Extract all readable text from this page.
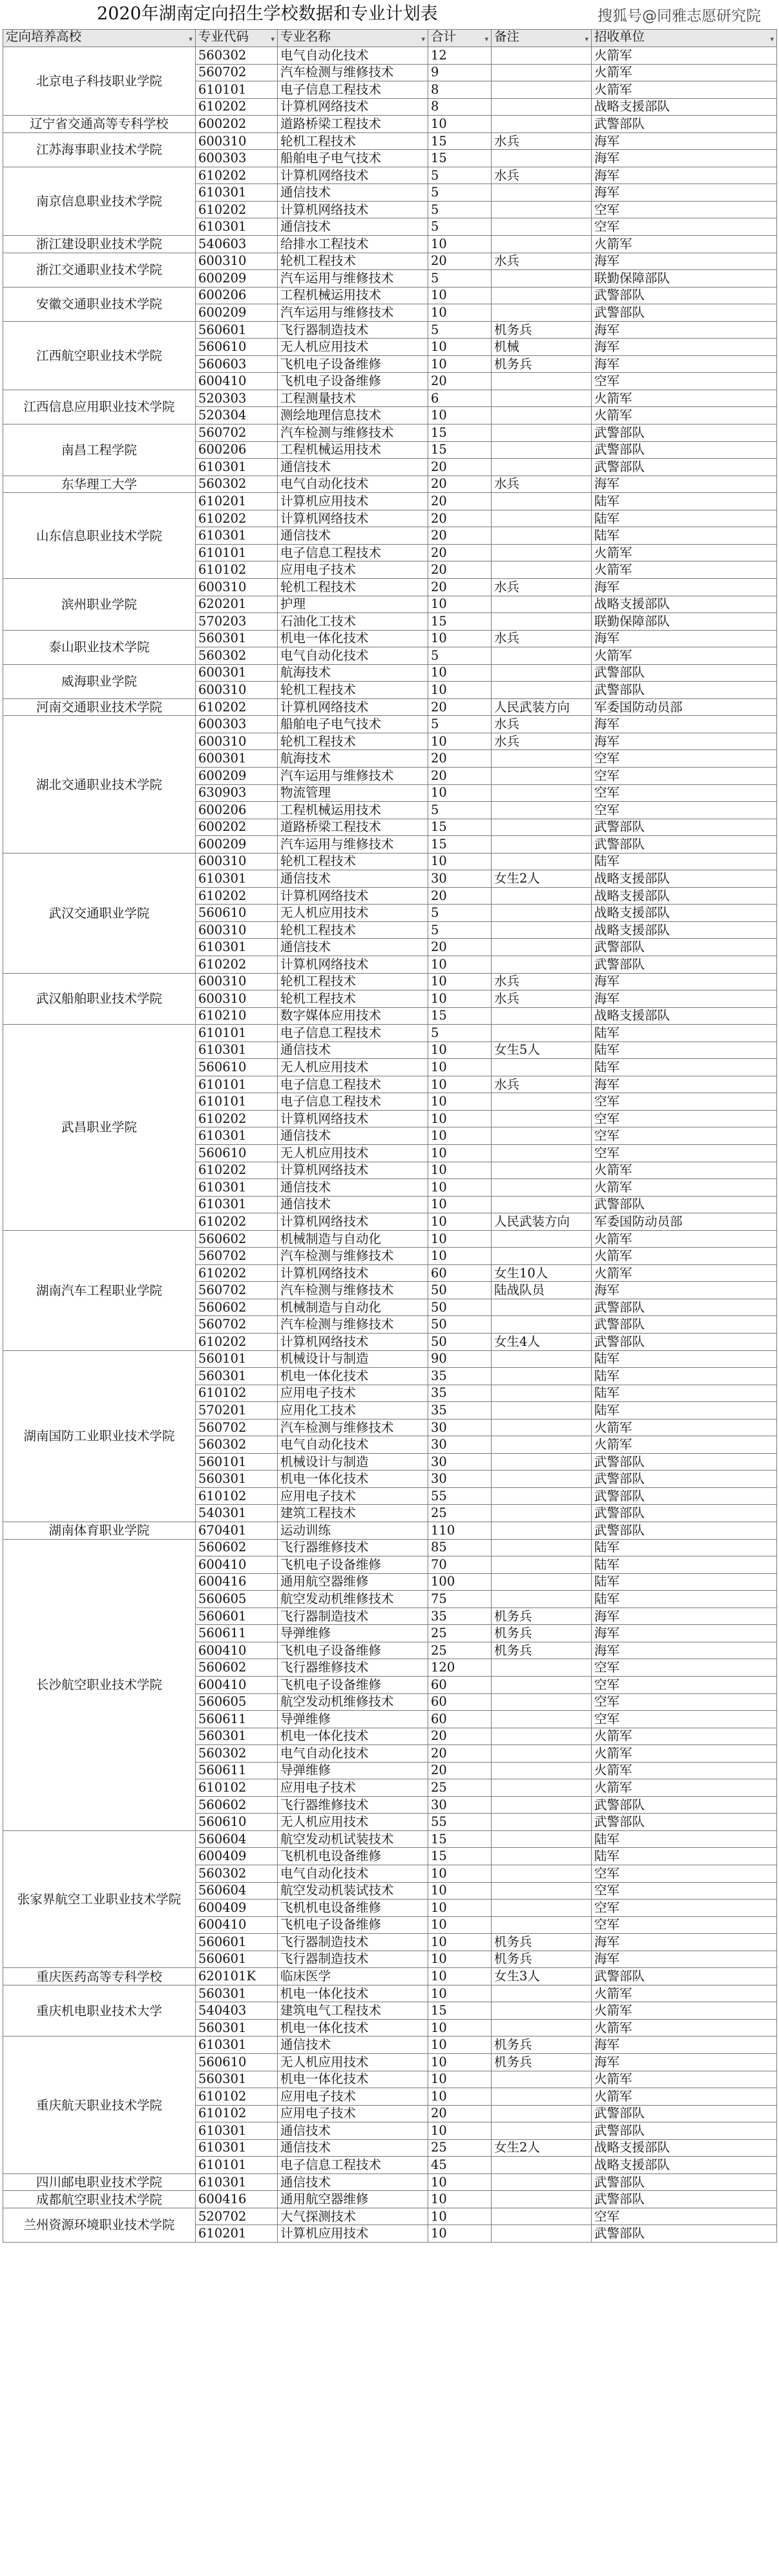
2020年湖南定向招生学校数据和专业计划表	搜狐号@同雅志愿研究院
定向培养高校 ▾	专业代码 ▾	专业名称 ▾	合计 ▾	备注 ▾	招收单位 ▾

北京电子科技职业学院	560302	电气自动化技术	12		火箭军
	560702	汽车检测与维修技术	9		火箭军
	610101	电子信息工程技术	8		火箭军
	610202	计算机网络技术	8		战略支援部队
辽宁省交通高等专科学校	600202	道路桥梁工程技术	10		武警部队
江苏海事职业技术学院	600310	轮机工程技术	15	水兵	海军
	600303	船舶电子电气技术	15		海军
南京信息职业技术学院	610202	计算机网络技术	5	水兵	海军
	610301	通信技术	5		海军
	610202	计算机网络技术	5		空军
	610301	通信技术	5		空军
浙江建设职业技术学院	540603	给排水工程技术	10		火箭军
浙江交通职业技术学院	600310	轮机工程技术	20	水兵	海军
	600209	汽车运用与维修技术	5		联勤保障部队
安徽交通职业技术学院	600206	工程机械运用技术	10		武警部队
	600209	汽车运用与维修技术	10		武警部队
江西航空职业技术学院	560601	飞行器制造技术	5	机务兵	海军
	560610	无人机应用技术	10	机械	海军
	560603	飞机电子设备维修	10	机务兵	海军
	600410	飞机电子设备维修	20		空军
江西信息应用职业技术学院	520303	工程测量技术	6		火箭军
	520304	测绘地理信息技术	10		火箭军
南昌工程学院	560702	汽车检测与维修技术	15		武警部队
	600206	工程机械运用技术	15		武警部队
	610301	通信技术	20		武警部队
东华理工大学	560302	电气自动化技术	20	水兵	海军
山东信息职业技术学院	610201	计算机应用技术	20		陆军
	610202	计算机网络技术	20		陆军
	610301	通信技术	20		陆军
	610101	电子信息工程技术	20		火箭军
	610102	应用电子技术	20		火箭军
滨州职业学院	600310	轮机工程技术	20	水兵	海军
	620201	护理	10		战略支援部队
	570203	石油化工技术	15		联勤保障部队
泰山职业技术学院	560301	机电一体化技术	10	水兵	海军
	560302	电气自动化技术	5		火箭军
威海职业学院	600301	航海技术	10		武警部队
	600310	轮机工程技术	10		武警部队
河南交通职业技术学院	610202	计算机网络技术	20	人民武装方向	军委国防动员部
湖北交通职业技术学院	600303	船舶电子电气技术	5	水兵	海军
	600310	轮机工程技术	10	水兵	海军
	600301	航海技术	20		空军
	600209	汽车运用与维修技术	20		空军
	630903	物流管理	10		空军
	600206	工程机械运用技术	5		空军
	600202	道路桥梁工程技术	15		武警部队
	600209	汽车运用与维修技术	15		武警部队
武汉交通职业学院	600310	轮机工程技术	10		陆军
	610301	通信技术	30	女生2人	战略支援部队
	610202	计算机网络技术	20		战略支援部队
	560610	无人机应用技术	5		战略支援部队
	600310	轮机工程技术	5		战略支援部队
	610301	通信技术	20		武警部队
	610202	计算机网络技术	10		武警部队
武汉船舶职业技术学院	600310	轮机工程技术	10	水兵	海军
	600310	轮机工程技术	10	水兵	海军
	610210	数字媒体应用技术	15		战略支援部队
武昌职业学院	610101	电子信息工程技术	5		陆军
	610301	通信技术	10	女生5人	陆军
	560610	无人机应用技术	10		陆军
	610101	电子信息工程技术	10	水兵	海军
	610101	电子信息工程技术	10		空军
	610202	计算机网络技术	10		空军
	610301	通信技术	10		空军
	560610	无人机应用技术	10		空军
	610202	计算机网络技术	10		火箭军
	610301	通信技术	10		火箭军
	610301	通信技术	10		武警部队
	610202	计算机网络技术	10	人民武装方向	军委国防动员部
湖南汽车工程职业学院	560602	机械制造与自动化	10		火箭军
	560702	汽车检测与维修技术	10		火箭军
	610202	计算机网络技术	60	女生10人	火箭军
	560702	汽车检测与维修技术	50	陆战队员	海军
	560602	机械制造与自动化	50		武警部队
	560702	汽车检测与维修技术	50		武警部队
	610202	计算机网络技术	50	女生4人	武警部队
湖南国防工业职业技术学院	560101	机械设计与制造	90		陆军
	560301	机电一体化技术	35		陆军
	610102	应用电子技术	35		陆军
	570201	应用化工技术	35		陆军
	560702	汽车检测与维修技术	30		火箭军
	560302	电气自动化技术	30		火箭军
	560101	机械设计与制造	30		武警部队
	560301	机电一体化技术	30		武警部队
	610102	应用电子技术	55		武警部队
	540301	建筑工程技术	25		武警部队
湖南体育职业学院	670401	运动训练	110		武警部队
长沙航空职业技术学院	560602	飞行器维修技术	85		陆军
	600410	飞机电子设备维修	70		陆军
	600416	通用航空器维修	100		陆军
	560605	航空发动机维修技术	75		陆军
	560601	飞行器制造技术	35	机务兵	海军
	560611	导弹维修	25	机务兵	海军
	600410	飞机电子设备维修	25	机务兵	海军
	560602	飞行器维修技术	120		空军
	600410	飞机电子设备维修	60		空军
	560605	航空发动机维修技术	60		空军
	560611	导弹维修	60		空军
	560301	机电一体化技术	20		火箭军
	560302	电气自动化技术	20		火箭军
	560611	导弹维修	20		火箭军
	610102	应用电子技术	25		火箭军
	560602	飞行器维修技术	30		武警部队
	560610	无人机应用技术	55		武警部队
张家界航空工业职业技术学院	560604	航空发动机试装技术	15		陆军
	600409	飞机机电设备维修	15		陆军
	560302	电气自动化技术	10		空军
	560604	航空发动机装试技术	10		空军
	600409	飞机机电设备维修	10		空军
	600410	飞机电子设备维修	10		空军
	560601	飞行器制造技术	10	机务兵	海军
	560601	飞行器制造技术	10	机务兵	海军
重庆医药高等专科学校	620101K	临床医学	10	女生3人	武警部队
重庆机电职业技术大学	560301	机电一体化技术	10		火箭军
	540403	建筑电气工程技术	15		火箭军
	560301	机电一体化技术	10		火箭军
重庆航天职业技术学院	610301	通信技术	10	机务兵	海军
	560610	无人机应用技术	10	机务兵	海军
	560301	机电一体化技术	10		火箭军
	610102	应用电子技术	10		火箭军
	610102	应用电子技术	20		武警部队
	610301	通信技术	10		武警部队
	610301	通信技术	25	女生2人	战略支援部队
	610101	电子信息工程技术	45		战略支援部队
四川邮电职业技术学院	610301	通信技术	10		武警部队
成都航空职业技术学院	600416	通用航空器维修	10		武警部队
兰州资源环境职业技术学院	520702	大气探测技术	10		空军
	610201	计算机应用技术	10		武警部队
